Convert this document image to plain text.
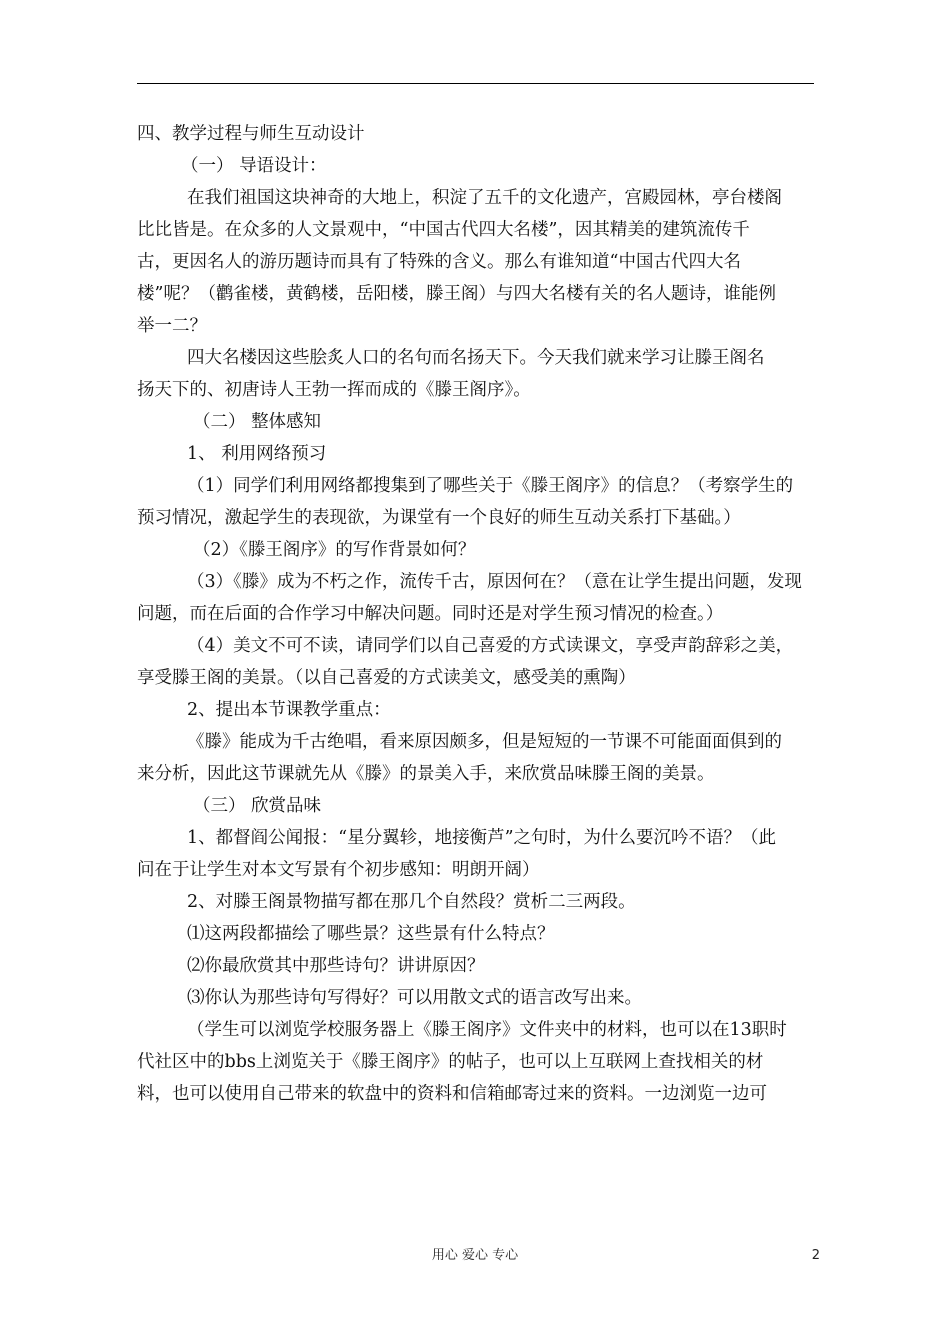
四、教学过程与师生互动设计
（一） 导语设计：
在我们祖国这块神奇的大地上，积淀了五千的文化遗产，宫殿园林，亭台楼阁
比比皆是。在众多的人文景观中，“中国古代四大名楼”，因其精美的建筑流传千
古，更因名人的游历题诗而具有了特殊的含义。那么有谁知道“中国古代四大名
楼”呢？（鹳雀楼，黄鹤楼，岳阳楼，滕王阁）与四大名楼有关的名人题诗，谁能例
举一二？
四大名楼因这些脍炙人口的名句而名扬天下。今天我们就来学习让滕王阁名
扬天下的、初唐诗人王勃一挥而成的《滕王阁序》。
（二） 整体感知
1、 利用网络预习
（1）同学们利用网络都搜集到了哪些关于《滕王阁序》的信息？（考察学生的
预习情况，激起学生的表现欲，为课堂有一个良好的师生互动关系打下基础。）
（2）《滕王阁序》的写作背景如何？
（3）《滕》成为不朽之作，流传千古，原因何在？（意在让学生提出问题，发现
问题，而在后面的合作学习中解决问题。同时还是对学生预习情况的检查。）
（4）美文不可不读，请同学们以自己喜爱的方式读课文，享受声韵辞彩之美，
享受滕王阁的美景。（以自己喜爱的方式读美文，感受美的熏陶）
2、提出本节课教学重点：
《滕》能成为千古绝唱，看来原因颇多，但是短短的一节课不可能面面俱到的
来分析，因此这节课就先从《滕》的景美入手，来欣赏品味滕王阁的美景。
（三） 欣赏品味
1、都督阎公闻报：“星分翼轸，地接衡芦”之句时，为什么要沉吟不语？（此
问在于让学生对本文写景有个初步感知：明朗开阔）
2、对滕王阁景物描写都在那几个自然段？赏析二三两段。
⑴这两段都描绘了哪些景？这些景有什么特点？
⑵你最欣赏其中那些诗句？讲讲原因？
⑶你认为那些诗句写得好？可以用散文式的语言改写出来。
（学生可以浏览学校服务器上《滕王阁序》文件夹中的材料，也可以在13职时
代社区中的bbs上浏览关于《滕王阁序》的帖子，也可以上互联网上查找相关的材
料，也可以使用自己带来的软盘中的资料和信箱邮寄过来的资料。一边浏览一边可
用心 爱心 专心	2
